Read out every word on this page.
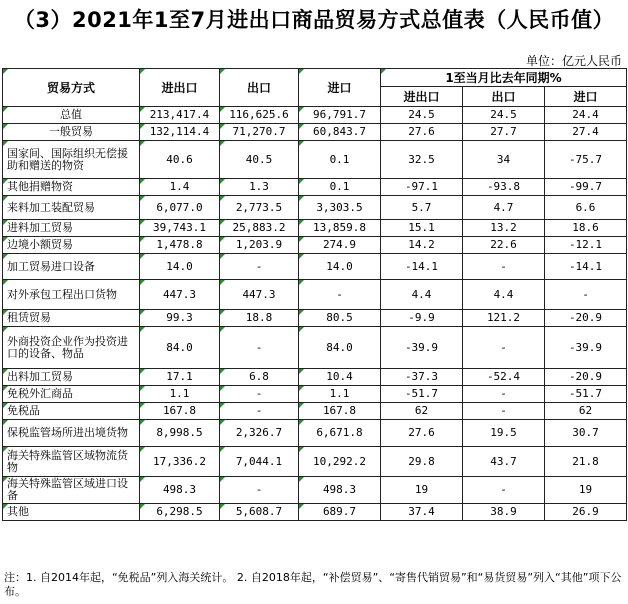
（3）2021年1至7月进出口商品贸易方式总值表（人民币值）
单位：亿元人民币
贸易方式	进出口	出口	进口	1至当月比去年同期%		
				进出口	出口	进口
总值	213,417.4	116,625.6	96,791.7	24.5	24.5	24.4
一般贸易	132,114.4	71,270.7	60,843.7	27.6	27.7	27.4
国家间、国际组织无偿援助和赠送的物资	40.6	40.5	0.1	32.5	34	-75.7
其他捐赠物资	1.4	1.3	0.1	-97.1	-93.8	-99.7
来料加工装配贸易	6,077.0	2,773.5	3,303.5	5.7	4.7	6.6
进料加工贸易	39,743.1	25,883.2	13,859.8	15.1	13.2	18.6
边境小额贸易	1,478.8	1,203.9	274.9	14.2	22.6	-12.1
加工贸易进口设备	14.0	-	14.0	-14.1	-	-14.1
对外承包工程出口货物	447.3	447.3	-	4.4	4.4	-
租赁贸易	99.3	18.8	80.5	-9.9	121.2	-20.9
外商投资企业作为投资进口的设备、物品	84.0	-	84.0	-39.9	-	-39.9
出料加工贸易	17.1	6.8	10.4	-37.3	-52.4	-20.9
免税外汇商品	1.1	-	1.1	-51.7	-	-51.7
免税品	167.8	-	167.8	62	-	62
保税监管场所进出境货物	8,998.5	2,326.7	6,671.8	27.6	19.5	30.7
海关特殊监管区域物流货物	17,336.2	7,044.1	10,292.2	29.8	43.7	21.8
海关特殊监管区域进口设备	498.3	-	498.3	19	-	19
其他	6,298.5	5,608.7	689.7	37.4	38.9	26.9
注：1. 自2014年起，“免税品”列入海关统计。 2. 自2018年起，“补偿贸易”、“寄售代销贸易”和“易货贸易”列入“其他”项下公布。
